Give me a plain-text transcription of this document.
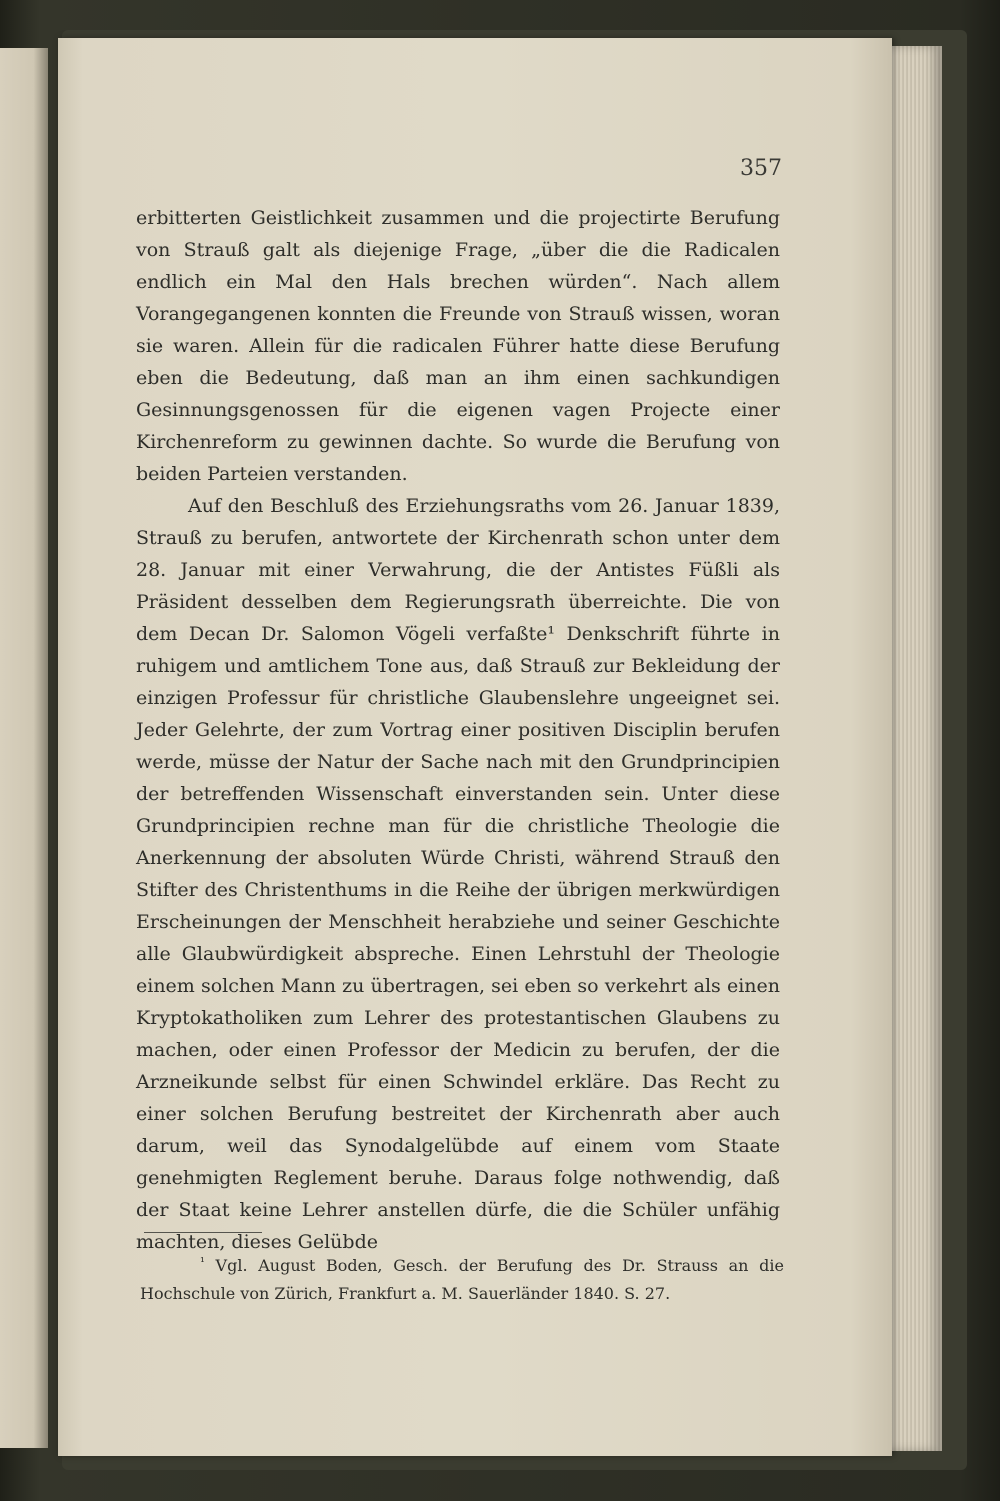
357

erbitterten Geistlichkeit zusammen und die projectirte Berufung von Strauß galt als diejenige Frage, „über die die Radicalen endlich ein Mal den Hals brechen würden“. Nach allem Vorangegangenen konnten die Freunde von Strauß wissen, woran sie waren. Allein für die radicalen Führer hatte diese Berufung eben die Bedeutung, daß man an ihm einen sachkundigen Gesinnungsgenossen für die eigenen vagen Projecte einer Kirchenreform zu gewinnen dachte. So wurde die Berufung von beiden Parteien verstanden.

Auf den Beschluß des Erziehungsraths vom 26. Januar 1839, Strauß zu berufen, antwortete der Kirchenrath schon unter dem 28. Januar mit einer Verwahrung, die der Antistes Füßli als Präsident desselben dem Regierungsrath überreichte. Die von dem Decan Dr. Salomon Vögeli verfaßte¹ Denkschrift führte in ruhigem und amtlichem Tone aus, daß Strauß zur Bekleidung der einzigen Professur für christliche Glaubenslehre ungeeignet sei. Jeder Gelehrte, der zum Vortrag einer positiven Disciplin berufen werde, müsse der Natur der Sache nach mit den Grundprincipien der betreffenden Wissenschaft einverstanden sein. Unter diese Grundprincipien rechne man für die christliche Theologie die Anerkennung der absoluten Würde Christi, während Strauß den Stifter des Christenthums in die Reihe der übrigen merkwürdigen Erscheinungen der Menschheit herabziehe und seiner Geschichte alle Glaubwürdigkeit abspreche. Einen Lehrstuhl der Theologie einem solchen Mann zu übertragen, sei eben so verkehrt als einen Kryptokatholiken zum Lehrer des protestantischen Glaubens zu machen, oder einen Professor der Medicin zu berufen, der die Arzneikunde selbst für einen Schwindel erkläre. Das Recht zu einer solchen Berufung bestreitet der Kirchenrath aber auch darum, weil das Synodalgelübde auf einem vom Staate genehmigten Reglement beruhe. Daraus folge nothwendig, daß der Staat keine Lehrer anstellen dürfe, die die Schüler unfähig machten, dieses Gelübde

$^{^1}$ Vgl. August Boden, Gesch. der Berufung des Dr. Strauss an die Hochschule von Zürich, Frankfurt a. M. Sauerländer 1840. S. 27.
